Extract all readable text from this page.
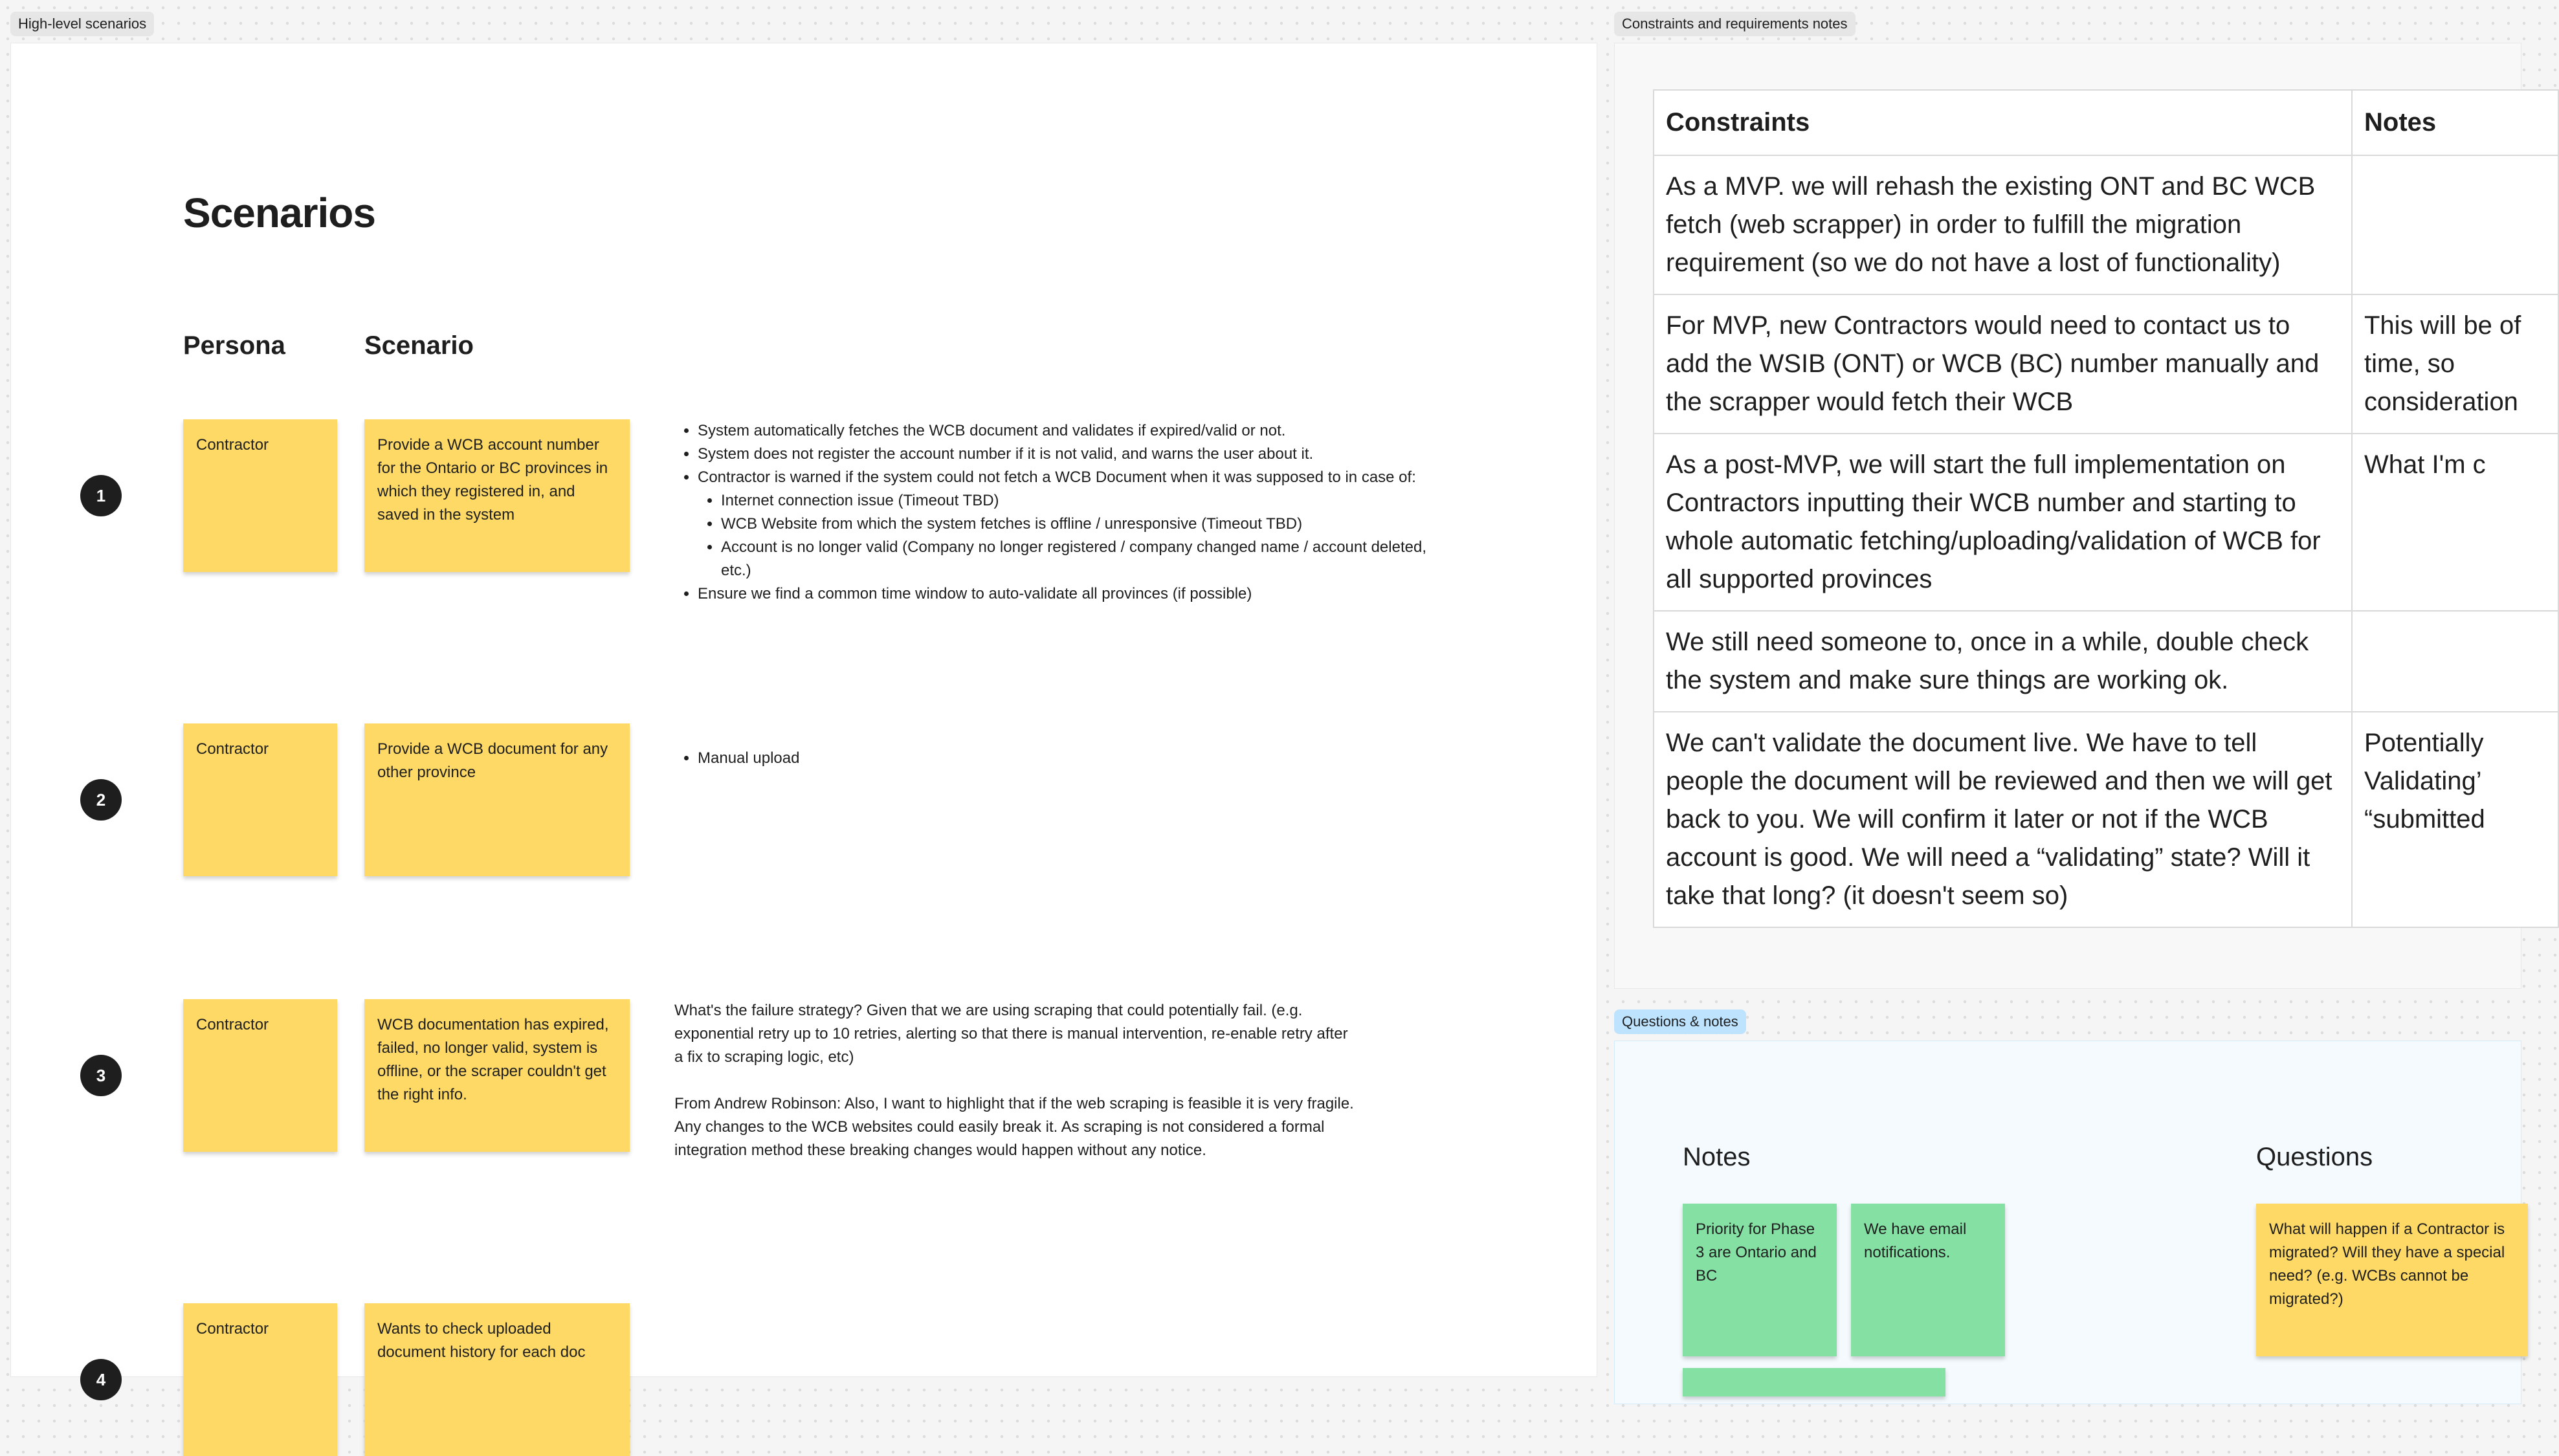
High-level scenarios	Constraints and requirements notes
Questions & notes
Scenarios
Persona	Scenario
1
Contractor	Provide a WCB account number for the Ontario or BC provinces in which they registered in, and saved in the system
• System automatically fetches the WCB document and validates if expired/valid or not.
• System does not register the account number if it is not valid, and warns the user about it.
• Contractor is warned if the system could not fetch a WCB Document when it was supposed to in case of:
• Internet connection issue (Timeout TBD)
• WCB Website from which the system fetches is offline / unresponsive (Timeout TBD)
• Account is no longer valid (Company no longer registered / company changed name / account deleted, etc.)
• Ensure we find a common time window to auto-validate all provinces (if possible)
2
Contractor	Provide a WCB document for any other province
• Manual upload
3
Contractor	WCB documentation has expired, failed, no longer valid, system is offline, or the scraper couldn't get the right info.

What's the failure strategy? Given that we are using scraping that could potentially fail. (e.g. exponential retry up to 10 retries, alerting so that there is manual intervention, re-enable retry after a fix to scraping logic, etc)

From Andrew Robinson: Also, I want to highlight that if the web scraping is feasible it is very fragile. Any changes to the WCB websites could easily break it. As scraping is not considered a formal integration method these breaking changes would happen without any notice.

4
Contractor	Wants to check uploaded document history for each doc
Constraints	Notes
As a MVP. we will rehash the existing ONT and BC WCB fetch (web scrapper) in order to fulfill the migration requirement (so we do not have a lost of functionality)	
For MVP, new Contractors would need to contact us to add the WSIB (ONT) or WCB (BC) number manually and the scrapper would fetch their WCB	This will be of time, so consideration
As a post-MVP, we will start the full implementation on Contractors inputting their WCB number and starting to whole automatic fetching/uploading/validation of WCB for all supported provinces	What I'm c
We still need someone to, once in a while, double check the system and make sure things are working ok.	
We can't validate the document live. We have to tell people the document will be reviewed and then we will get back to you. We will confirm it later or not if the WCB account is good. We will need a “validating” state? Will it take that long? (it doesn't seem so)	Potentially Validating’ “submitted
Notes	Questions
Priority for Phase 3 are Ontario and BC
We have email notifications.
What will happen if a Contractor is migrated? Will they have a special need? (e.g. WCBs cannot be migrated?)
